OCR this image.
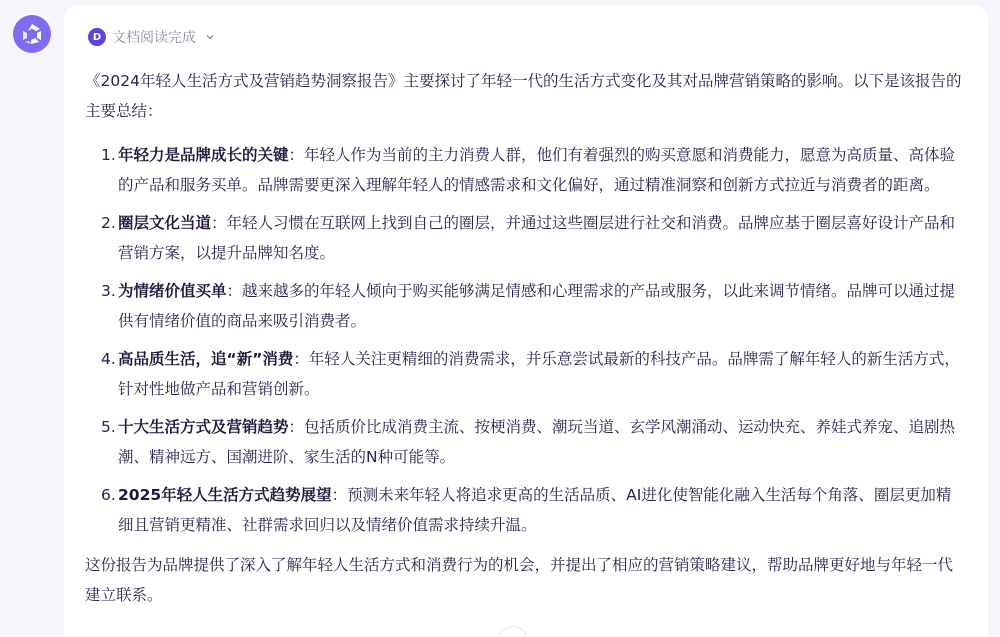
D 文档阅读完成

《2024年轻人生活方式及营销趋势洞察报告》主要探讨了年轻一代的生活方式变化及其对品牌营销策略的影响。以下是该报告的主要总结：

1. 年轻力是品牌成长的关键：年轻人作为当前的主力消费人群，他们有着强烈的购买意愿和消费能力，愿意为高质量、高体验的产品和服务买单。品牌需要更深入理解年轻人的情感需求和文化偏好，通过精准洞察和创新方式拉近与消费者的距离。
2. 圈层文化当道：年轻人习惯在互联网上找到自己的圈层，并通过这些圈层进行社交和消费。品牌应基于圈层喜好设计产品和营销方案，以提升品牌知名度。
3. 为情绪价值买单：越来越多的年轻人倾向于购买能够满足情感和心理需求的产品或服务，以此来调节情绪。品牌可以通过提供有情绪价值的商品来吸引消费者。
4. 高品质生活，追“新”消费：年轻人关注更精细的消费需求，并乐意尝试最新的科技产品。品牌需了解年轻人的新生活方式，针对性地做产品和营销创新。
5. 十大生活方式及营销趋势：包括质价比成消费主流、按梗消费、潮玩当道、玄学风潮涌动、运动快充、养娃式养宠、追剧热潮、精神远方、国潮进阶、家生活的N种可能等。
6. 2025年轻人生活方式趋势展望：预测未来年轻人将追求更高的生活品质、AI进化使智能化融入生活每个角落、圈层更加精细且营销更精准、社群需求回归以及情绪价值需求持续升温。

这份报告为品牌提供了深入了解年轻人生活方式和消费行为的机会，并提出了相应的营销策略建议，帮助品牌更好地与年轻一代建立联系。
